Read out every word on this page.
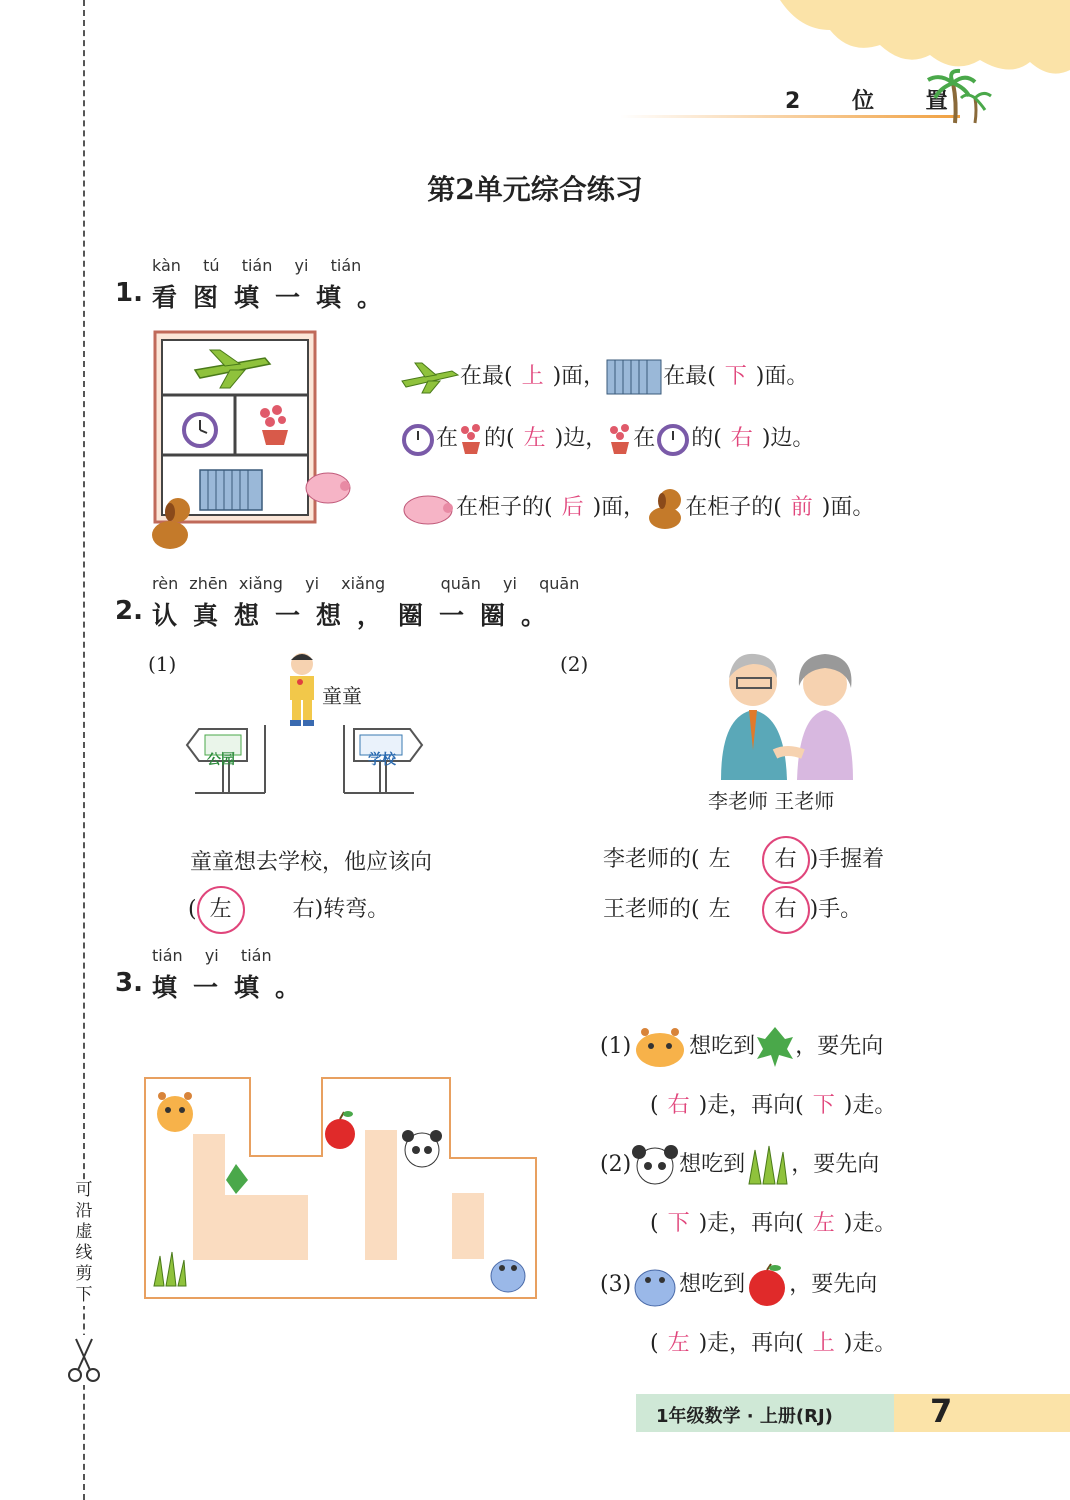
2 位 置
可沿虚线剪下
第2单元综合练习
kàn  tú  tián  yi  tián
1. 看图填一填。
在最( 上 )面，	在最( 下 )面。
在 的( 左 )边， 在 的( 右 )边。
在柜子的( 后 )面， 在柜子的( 前 )面。
rèn zhēn xiǎng  yi  xiǎng     quān  yi  quān
2. 认真想一想，圈一圈。
(1)
童童
公园	学校
童童想去学校，他应该向
( 左	右)转弯。
(2)
李老师 王老师
李老师的( 左 右 )手握着
王老师的( 左 右 )手。
tián  yi  tián
3. 填一填。
(1)	想吃到 ，要先向
( 右 )走，再向( 下 )走。
(2) 想吃到 ，要先向
( 下 )走，再向( 左 )走。
(3) 想吃到 ，要先向
( 左 )走，再向( 上 )走。
1年级数学 · 上册(RJ)	7
